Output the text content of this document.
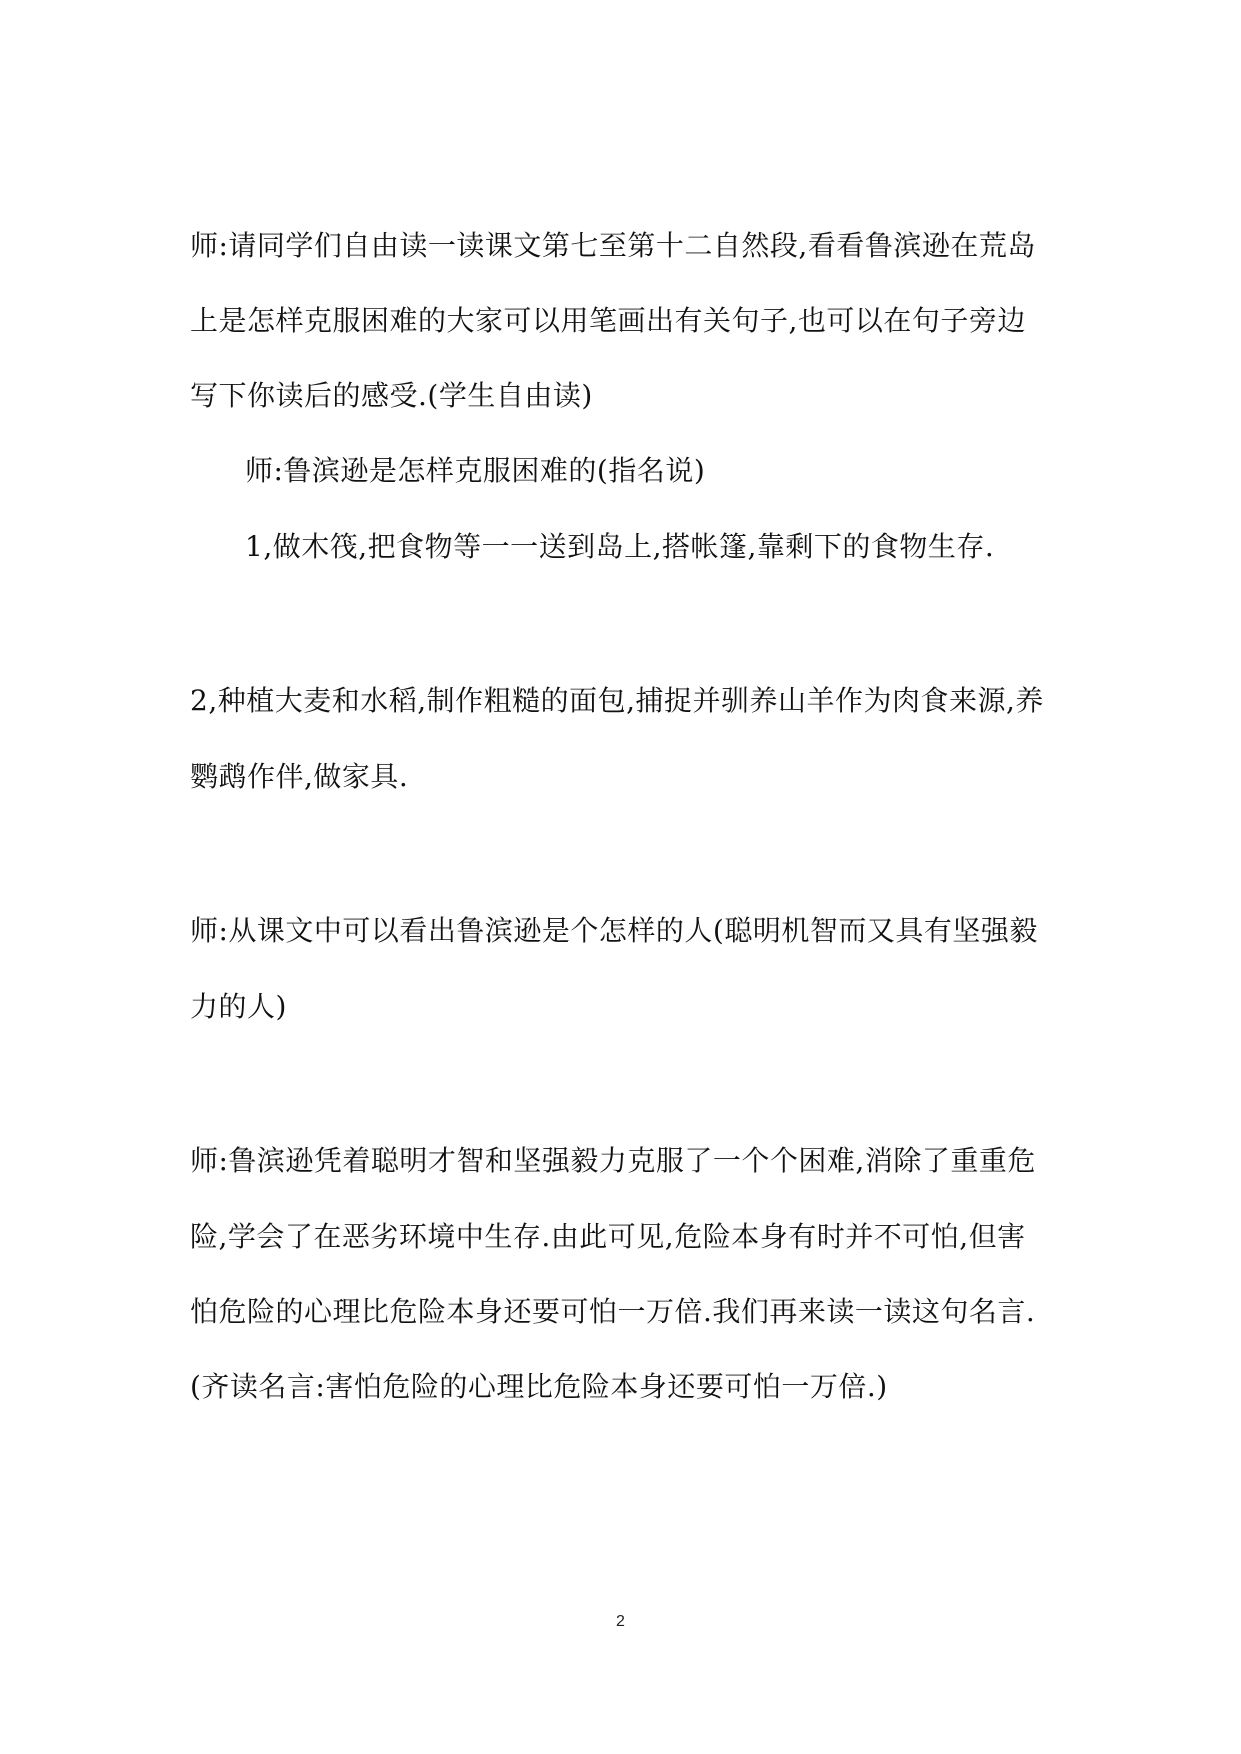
师:请同学们自由读一读课文第七至第十二自然段,看看鲁滨逊在荒岛
上是怎样克服困难的大家可以用笔画出有关句子,也可以在句子旁边
写下你读后的感受.(学生自由读)
师:鲁滨逊是怎样克服困难的(指名说)
1,做木筏,把食物等一一送到岛上,搭帐篷,靠剩下的食物生存.
2,种植大麦和水稻,制作粗糙的面包,捕捉并驯养山羊作为肉食来源,养
鹦鹉作伴,做家具.
师:从课文中可以看出鲁滨逊是个怎样的人(聪明机智而又具有坚强毅
力的人)
师:鲁滨逊凭着聪明才智和坚强毅力克服了一个个困难,消除了重重危
险,学会了在恶劣环境中生存.由此可见,危险本身有时并不可怕,但害
怕危险的心理比危险本身还要可怕一万倍.我们再来读一读这句名言.
(齐读名言:害怕危险的心理比危险本身还要可怕一万倍.)
2
